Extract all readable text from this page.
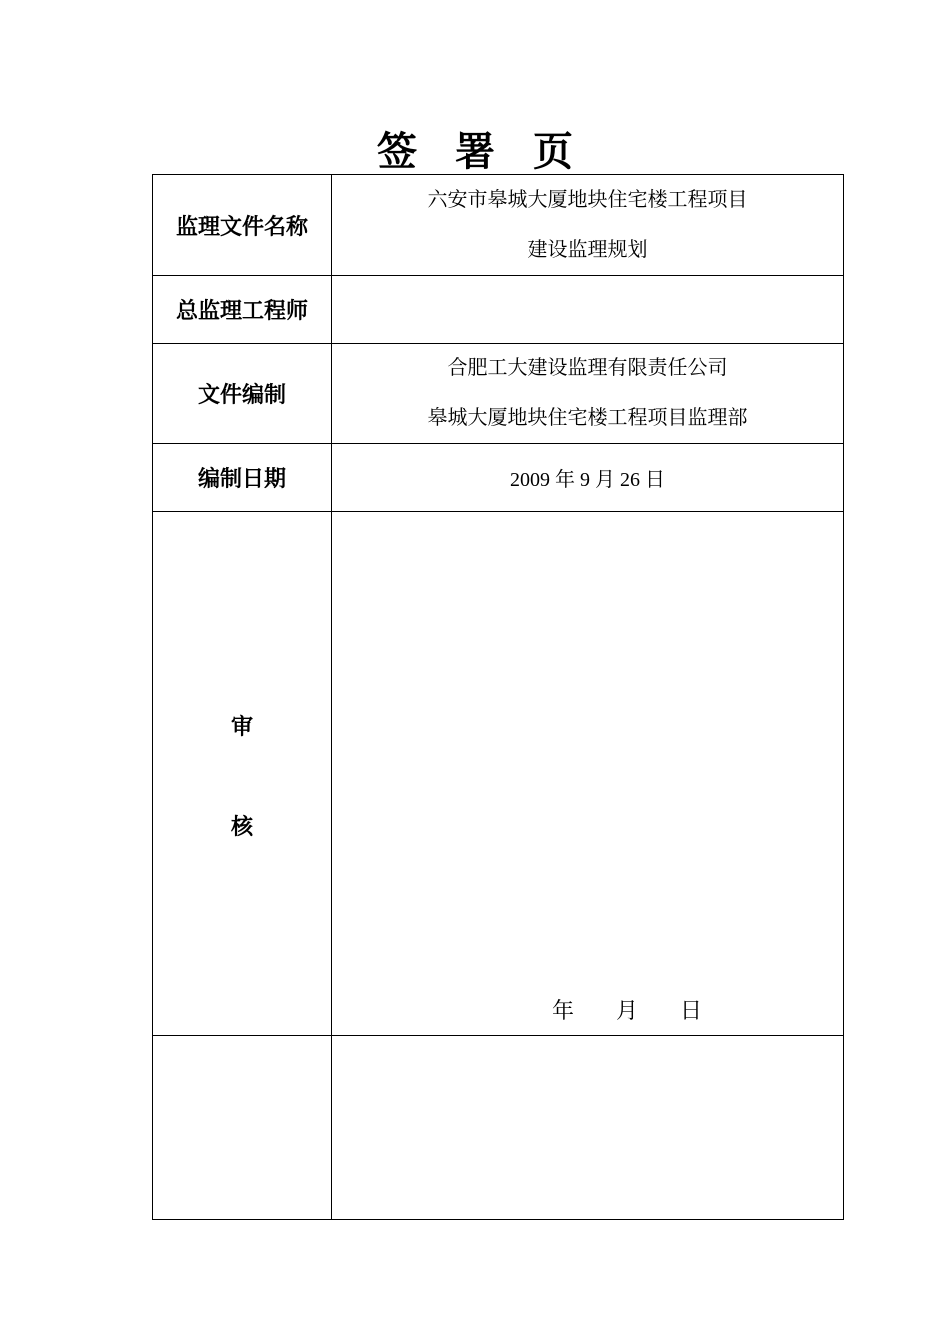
签署页
监理文件名称	六安市皋城大厦地块住宅楼工程项目
建设监理规划

总监理工程师	
文件编制	合肥工大建设监理有限责任公司
皋城大厦地块住宅楼工程项目监理部

编制日期	2009 年 9 月 26 日

审
核	年 月 日
